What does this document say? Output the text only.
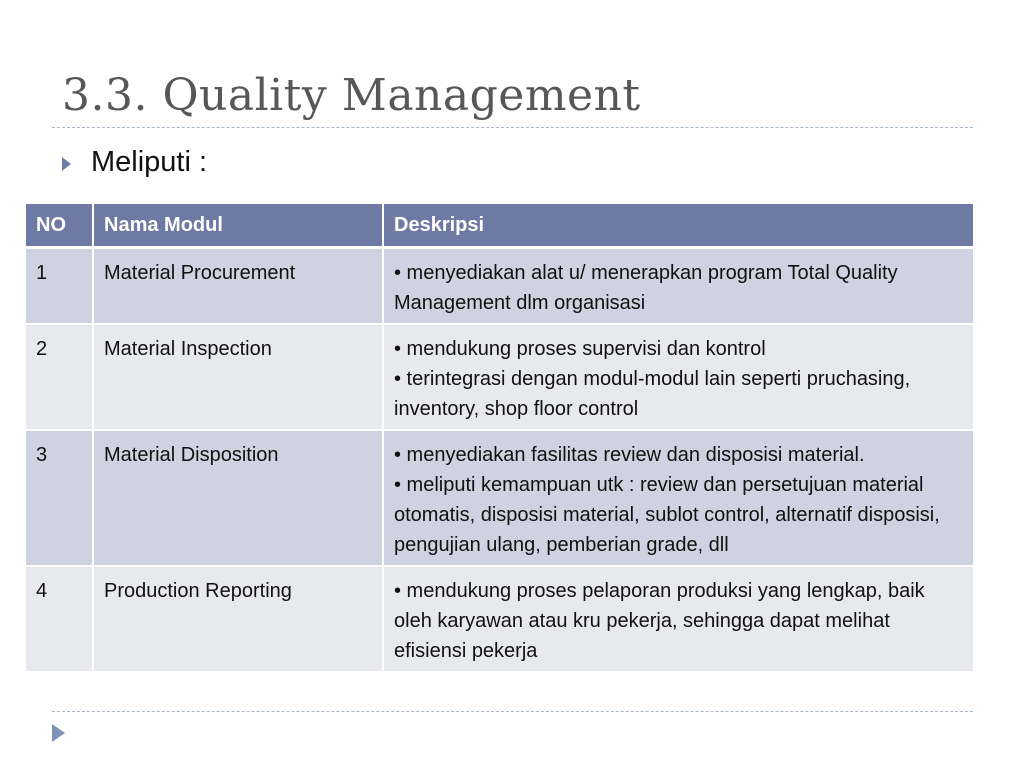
3.3. Quality Management
Meliputi :
NO	Nama Modul	Deskripsi
1	Material Procurement	• menyediakan alat u/ menerapkan program Total Quality Management dlm organisasi

2	Material Inspection	• mendukung proses supervisi dan kontrol
• terintegrasi dengan modul-modul lain seperti pruchasing, inventory, shop floor control

3	Material Disposition	• menyediakan fasilitas review dan disposisi material.
• meliputi kemampuan utk : review dan persetujuan material otomatis, disposisi material, sublot control, alternatif disposisi, pengujian ulang, pemberian grade, dll

4	Production Reporting	• mendukung proses pelaporan produksi yang lengkap, baik oleh karyawan atau kru pekerja, sehingga dapat melihat efisiensi pekerja
